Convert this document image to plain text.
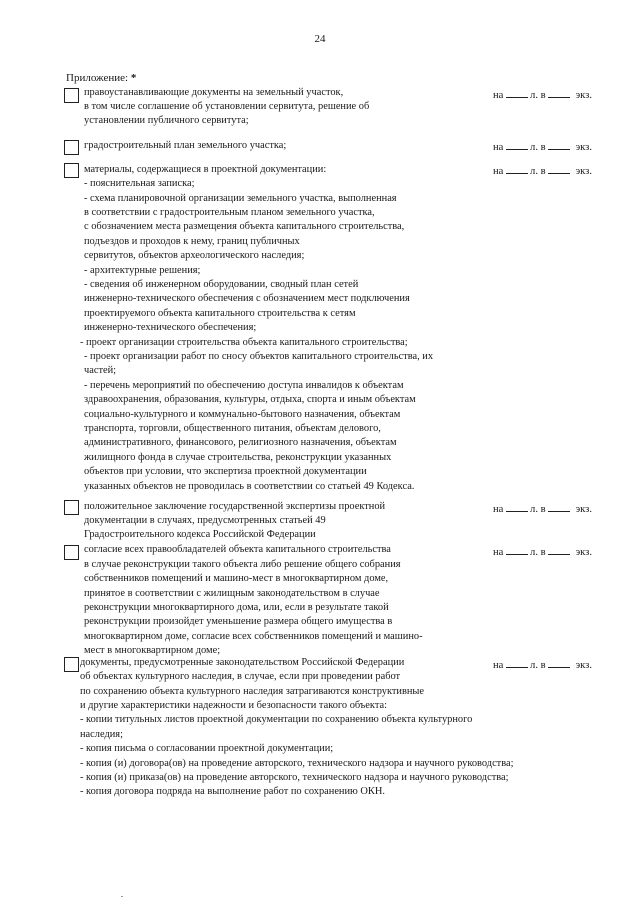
24
Приложение: *
правоустанавливающие документы на земельный участок,
в том числе соглашение об установлении сервитута, решение об
установлении публичного сервитута;
на	л. в	экз.
градостроительный план земельного участка;	на	л. в	экз.
материалы, содержащиеся в проектной документации:
- пояснительная записка;
- схема планировочной организации земельного участка, выполненная
в соответствии с градостроительным планом земельного участка,
с обозначением места размещения объекта капитального строительства,
подъездов и проходов к нему, границ публичных
сервитутов, объектов археологического наследия;
- архитектурные решения;
- сведения об инженерном оборудовании, сводный план сетей
инженерно-технического обеспечения с обозначением мест подключения
проектируемого объекта капитального строительства к сетям
инженерно-технического обеспечения;
- проект организации строительства объекта капитального строительства;
- проект организации работ по сносу объектов капитального строительства, их
частей;
- перечень мероприятий по обеспечению доступа инвалидов к объектам
здравоохранения, образования, культуры, отдыха, спорта и иным объектам
социально-культурного и коммунально-бытового назначения, объектам
транспорта, торговли, общественного питания, объектам делового,
административного, финансового, религиозного назначения, объектам
жилищного фонда в случае строительства, реконструкции указанных
объектов при условии, что экспертиза проектной документации
указанных объектов не проводилась в соответствии со статьей 49 Кодекса.
на	л. в	экз.
положительное заключение государственной экспертизы проектной
документации в случаях, предусмотренных статьей 49
Градостроительного кодекса Российской Федерации
на	л. в	экз.
согласие всех правообладателей объекта капитального строительства
в случае реконструкции такого объекта либо решение общего собрания
собственников помещений и машино-мест в многоквартирном доме,
принятое в соответствии с жилищным законодательством в случае
реконструкции многоквартирного дома, или, если в результате такой
реконструкции произойдет уменьшение размера общего имущества в
многоквартирном доме, согласие всех собственников помещений и машино-
мест в многоквартирном доме;
на	л. в	экз.
документы, предусмотренные законодательством Российской Федерации
об объектах культурного наследия, в случае, если при проведении работ
по сохранению объекта культурного наследия затрагиваются конструктивные
и другие характеристики надежности и безопасности такого объекта:
- копии титульных листов проектной документации по сохранению объекта культурного
наследия;
- копия письма о согласовании проектной документации;
- копия (и) договора(ов) на проведение авторского, технического надзора и научного руководства;
- копия (и) приказа(ов) на проведение авторского, технического надзора и научного руководства;
- копия договора подряда на выполнение работ по сохранению ОКН.
на	л. в	экз.
